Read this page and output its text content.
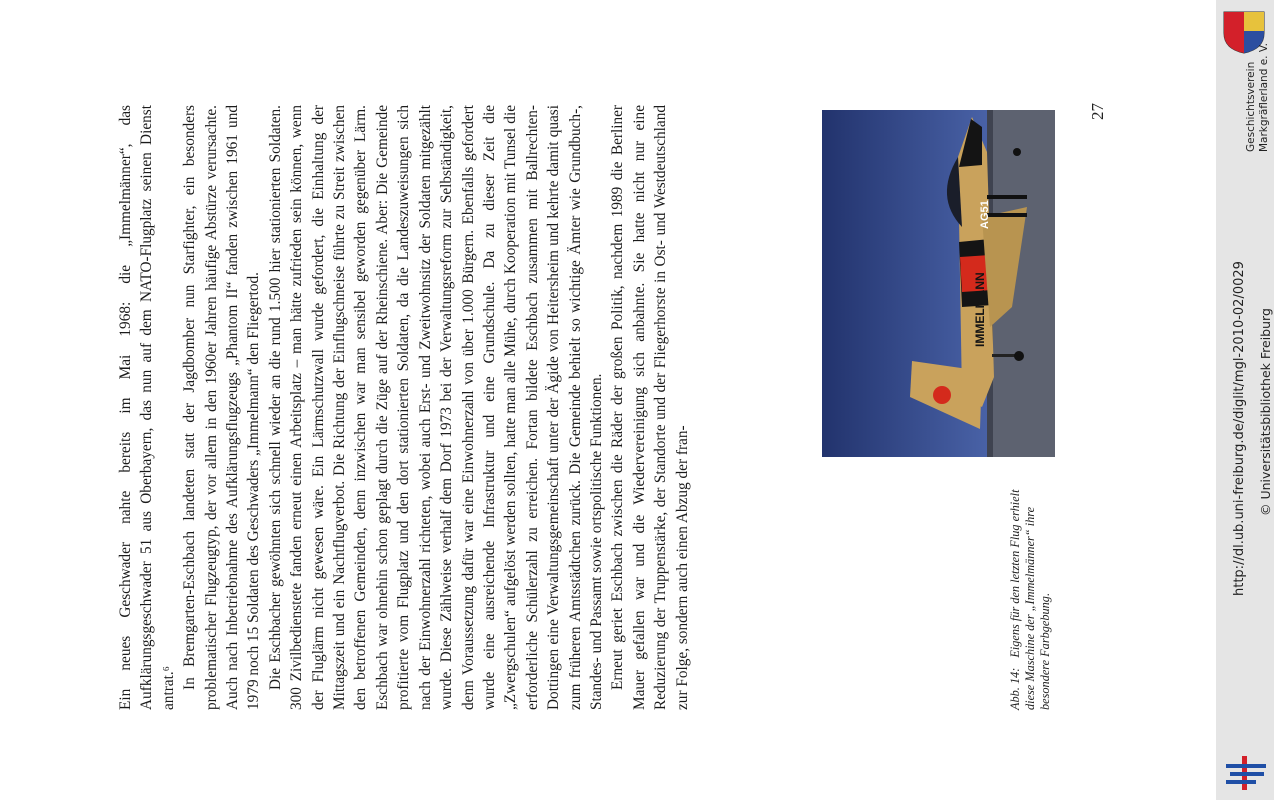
Ein neues Geschwader nahte bereits im Mai 1968: die „Immelmänner“, das Aufklärungsgeschwader 51 aus Oberbayern, das nun auf dem NATO-Flugplatz seinen Dienst antrat.⁶ In Bremgarten-Eschbach landeten statt der Jagdbomber nun Starfighter, ein besonders problematischer Flugzeugtyp, der vor allem in den 1960er Jahren häufige Abstürze verursachte. Auch nach Inbetriebnahme des Aufklärungsflugzeugs „Phantom II“ fanden zwischen 1961 und 1979 noch 15 Soldaten des Geschwaders „Immelmann“ den Fliegertod. Die Eschbacher gewöhnten sich schnell wieder an die rund 1.500 hier stationierten Soldaten. 300 Zivilbedienstete fanden erneut einen Arbeitsplatz – man hätte zufrieden sein können, wenn der Fluglärm nicht gewesen wäre. Ein Lärmschutzwall wurde gefordert, die Einhaltung der Mittagszeit und ein Nachtflugverbot. Die Richtung der Einflugschneise führte zu Streit zwischen den betroffenen Gemeinden, denn inzwischen war man sensibel geworden gegenüber Lärm. Eschbach war ohnehin schon geplagt durch die Züge auf der Rheinschiene. Aber: Die Gemeinde profitierte vom Flugplatz und den dort stationierten Soldaten, da die Landeszuweisungen sich nach der Einwohnerzahl richteten, wobei auch Erst- und Zweitwohnsitz der Soldaten mitgezählt wurde. Diese Zählweise verhalf dem Dorf 1973 bei der Verwaltungsreform zur Selbständigkeit, denn Voraussetzung dafür war eine Einwohnerzahl von über 1.000 Bürgern. Ebenfalls gefordert wurde eine ausreichende Infrastruktur und eine Grundschule. Da zu dieser Zeit die „Zwergschulen“ aufgelöst werden sollten, hatte man alle Mühe, durch Kooperation mit Tunsel die erforderliche Schülerzahl zu erreichen. Fortan bildete Eschbach zusammen mit Ballrechten-Dottingen eine Verwaltungsgemeinschaft unter der Ägide von Heitersheim und kehrte damit quasi zum früheren Amtsstädtchen zurück. Die Gemeinde behielt so wichtige Ämter wie Grundbuch-, Standes- und Passamt sowie ortspolitische Funktionen. Erneut geriet Eschbach zwischen die Räder der großen Politik, nachdem 1989 die Berliner Mauer gefallen war und die Wiedervereinigung sich anbahnte. Sie hatte nicht nur eine Reduzierung der Truppenstärke, der Standorte und der Fliegerhorste in Ost- und Westdeutschland zur Folge, sondern auch einen Abzug der fran-

IMMELMANN
AG51
Abb. 14:Eigens für den letzten Flug erhielt diese Maschine der „Immelmänner“ ihre besondere Farbgebung.
27	Geschichtsverein Markgräflerland e. V.
http://dl.ub.uni-freiburg.de/diglit/mgl-2010-02/0029 © Universitätsbibliothek Freiburg
